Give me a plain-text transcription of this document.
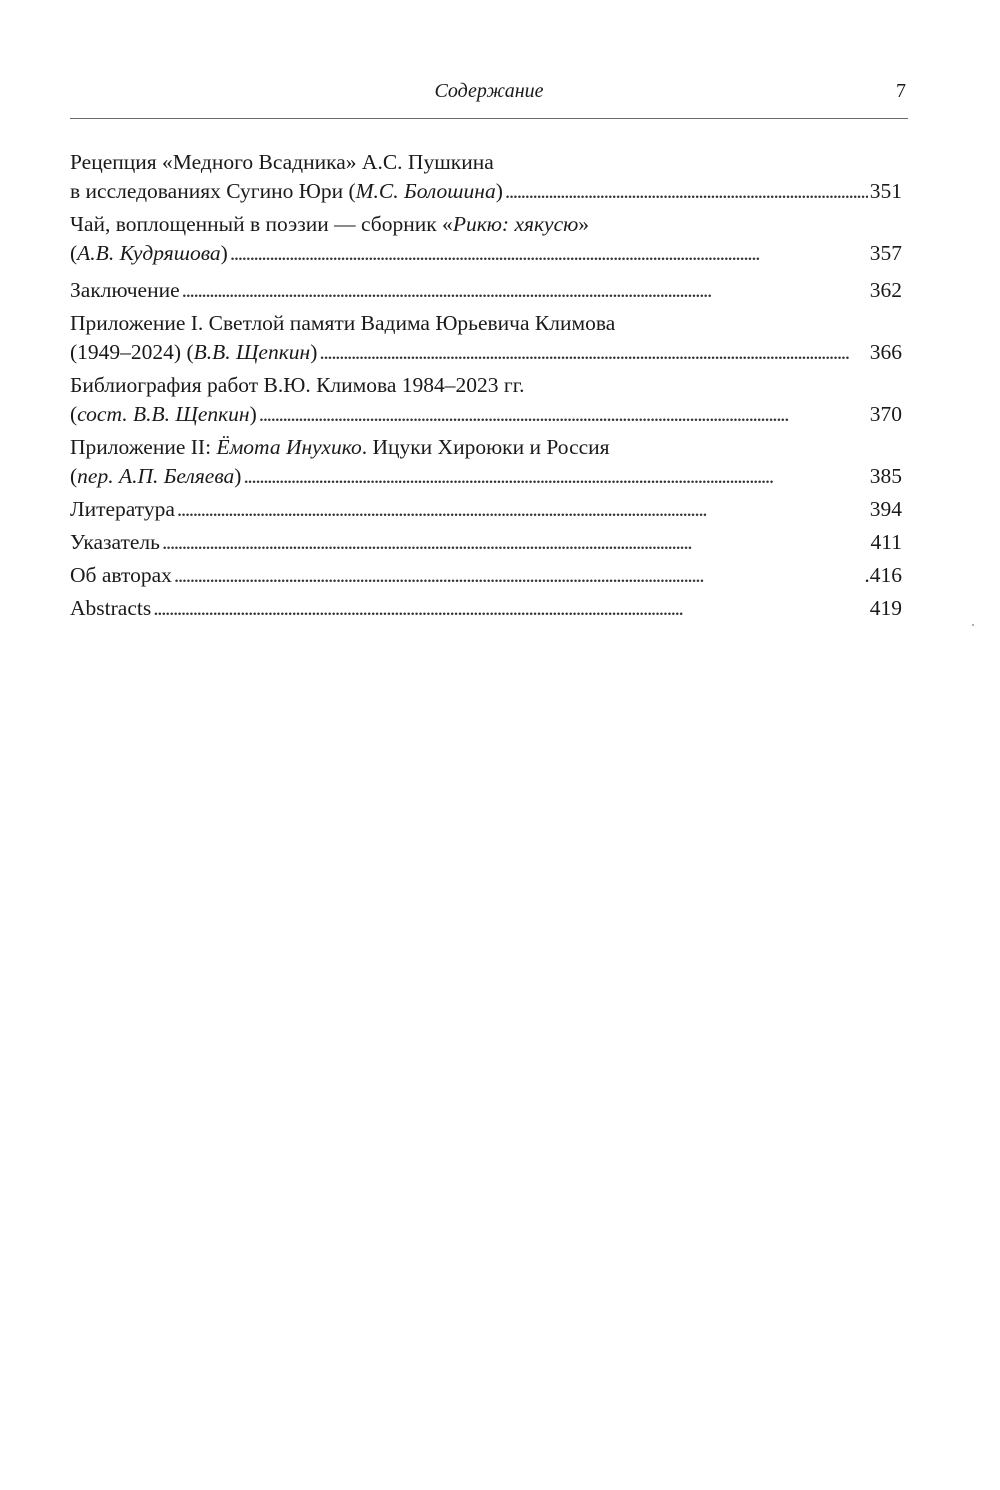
Содержание	7
Рецепция «Медного Всадника» А.С. Пушкина
в исследованиях Сугино Юри (М.С. Болошина) . . .	351
Чай, воплощенный в поэзии — сборник «Рикю: хякусю»
(А.В. Кудряшова) . . .	357
Заключение . . .	362
Приложение I. Светлой памяти Вадима Юрьевича Климова
(1949–2024) (В.В. Щепкин) . . .	366
Библиография работ В.Ю. Климова 1984–2023 гг.
(сост. В.В. Щепкин) . . .	370
Приложение II: Ёмота Инухико. Ицуки Хироюки и Россия
(пер. А.П. Беляева) . . .	385
Литература . . .	394
Указатель . . .	411
Об авторах . . .	.416
Abstracts . . .	419
